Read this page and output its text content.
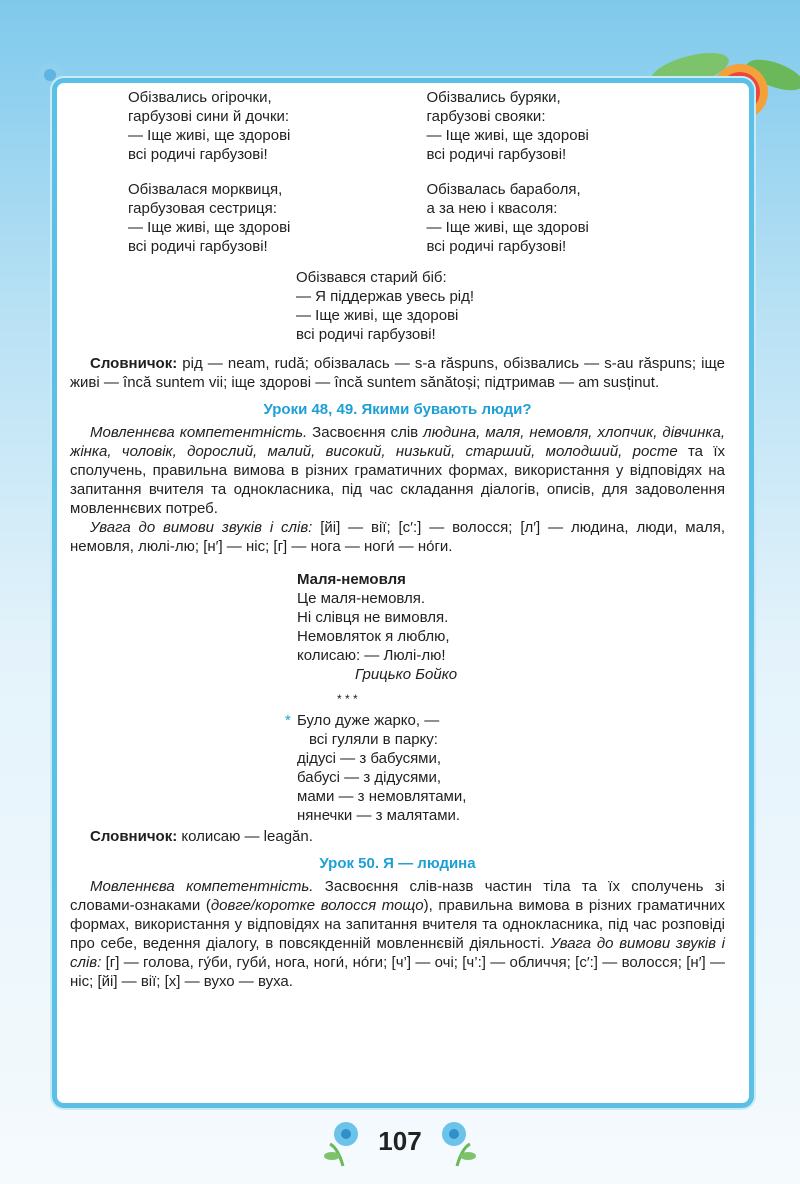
Обізвались огірочки,
гарбузові сини й дочки:
— Іще живі, ще здорові
всі родичі гарбузові!
Обізвалася морквиця,
гарбузовая сестриця:
— Іще живі, ще здорові
всі родичі гарбузові!
Обізвались буряки,
гарбузові свояки:
— Іще живі, ще здорові
всі родичі гарбузові!
Обізвалась бараболя,
а за нею і квасоля:
— Іще живі, ще здорові
всі родичі гарбузові!
Обізвався старий біб:
— Я піддержав увесь рід!
— Іще живі, ще здорові
всі родичі гарбузові!

Словничок: рід — neam, rudă; обізвалась — s-a răspuns, обізвались — s-au răspuns; іще живі — încă suntem vii; іще здорові — încă suntem sănătoși; підтримав — am susținut.

Уроки 48, 49. Якими бувають люди?

Мовленнєва компетентність. Засвоєння слів людина, маля, немовля, хлопчик, дівчинка, жінка, чоловік, дорослий, малий, високий, низький, старший, молодший, росте та їх сполучень, правильна вимова в різних граматичних формах, використання у відповідях на запитання вчителя та однокласника, під час складання діалогів, описів, для задоволення мовленнєвих потреб.

Увага до вимови звуків і слів: [йі] — вії; [с′:] — волосся; [л′] — людина, люди, маля, немовля, люлі-лю; [н′] — ніс; [г] — нога — ноги́ — но́ги.

Маля-немовля
Це маля-немовля.
Ні слівця не вимовля.
Немовляток я люблю,
колисаю: — Люлі-лю!
Грицько Бойко
* * *
* Було дуже жарко, —
всі гуляли в парку:
дідусі — з бабусями,
бабусі — з дідусями,
мами — з немовлятами,
нянечки — з малятами.

Словничок: колисаю — leagăn.

Урок 50. Я — людина

Мовленнєва компетентність. Засвоєння слів-назв частин тіла та їх сполучень зі словами-ознаками (довге/коротке волосся тощо), правильна вимова в різних граматичних формах, використання у відповідях на запитання вчителя та однокласника, під час розповіді про себе, ведення діалогу, в повсякденній мовленнєвій діяльності. Увага до вимови звуків і слів: [г] — голова, гу́би, губи́, нога, ноги́, но́ги; [ч’] — очі; [ч’:] — обличчя; [с′:] — волосся; [н′] — ніс; [йі] — вії; [х] — вухо — вуха.

107
